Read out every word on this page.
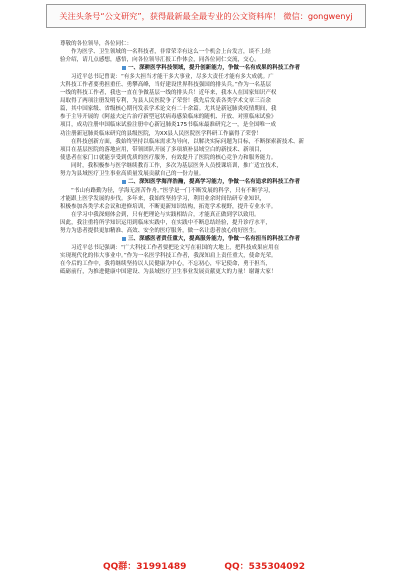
关注头条号“公文研究”，获得最新最全最专业的公文资料库！ 微信：gongwenyj
尊敬的各位领导，各位同仁：
作为医学、卫生领域的一名科技者，非常荣幸有这么一个机会上台发言，谈不上经
验介绍，请几点感想，感悟，向各位领导汇报工作体会，同各位同仁交流，交心。
一、深耕医学科技领域，提升创新能力，争做一名有成果的科技工作者
习近平总书记曾说：“有多大担当才能干多大事业，尽多大责任才能有多大成就。广
大科技工作者要勇担重任、勇攀高峰，当好建设世界科技强国的排头兵。”作为一名基层
一线的科技工作者，我也一直在争做基层一线的排头兵！近年来，我本人在国家知识产权
局取得了两项注册发明专利，为县人民医院争了荣誉！我先后发表各类学术文章三百余
篇，其中国家级、省级核心期刊发表学术论文有二十余篇。尤其是新冠肺炎疫情期间，我
参于主导开展的《阿兹夫定片治疗新型冠状病毒感染临床的随机、开放、对照临床试验》
项目，成功注册申国临床试验注册中心新冠肺炎175书临床最准研究之一，是全国唯一成
功注册新冠肺炎临床研究的县级医院，为XX县人民医院医学科研工作赢得了荣誉！
在科技创新方面，我始终坚持以临床需求为导向，以解决实际问题为目标，不断探索新技术、新
项目在基层医院的落地应用，带领团队开展了多项填补县域空白的新技术、新项目，
使患者在家门口就能享受到优质的医疗服务，有效提升了医院的核心竞争力和服务能力。
同时，我积极参与医学继续教育工作，多次为基层医务人员授课培训，推广适宜技术，
努力为县域医疗卫生事业高质量发展贡献自己的一份力量。
二、深知医学海洋浩瀚，提高学习能力，争做一名有追求的科技工作者
“书山有路勤为径，学海无涯苦作舟。”医学是一门不断发展的科学，只有不断学习，
才能跟上医学发展的步伐。多年来，我始终坚持学习，利用业余时间钻研专业知识，
积极参加各类学术会议和进修培训，不断更新知识结构，拓宽学术视野，提升专业水平。
在学习中我深刻体会到，只有把理论与实践相结合，才能真正做到学以致用。
因此，我注重将所学知识运用到临床实践中，在实践中不断总结经验，提升诊疗水平，
努力为患者提供更加精准、高效、安全的医疗服务，做一名让患者放心的好医生。
三、深感医者责任重大，提高服务能力，争做一名有担当的科技工作者
习近平总书记强调：“广大科技工作者要把论文写在祖国的大地上，把科技成果应用在
实现现代化的伟大事业中。”作为一名医学科技工作者，我深知肩上责任重大，使命光荣。
在今后的工作中，我将继续坚持以人民健康为中心，不忘初心，牢记使命，勇于担当，
砥砺前行，为推进健康中国建设、为县域医疗卫生事业发展贡献更大的力量！谢谢大家！
QQ群：31991489	QQ：535304092
